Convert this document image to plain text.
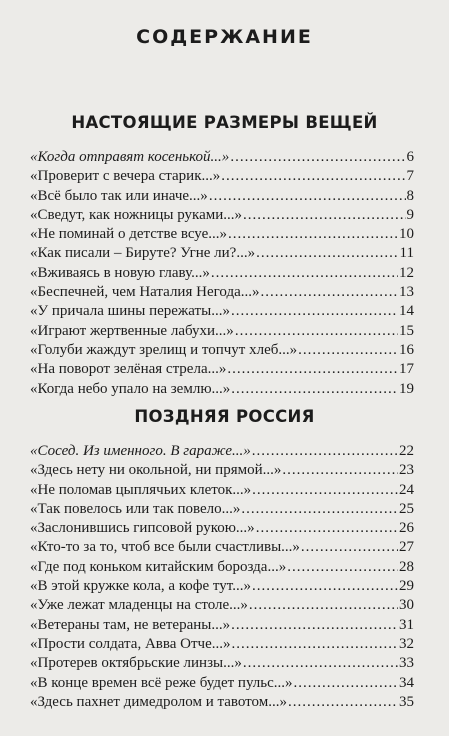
СОДЕРЖАНИЕ
НАСТОЯЩИЕ РАЗМЕРЫ ВЕЩЕЙ
«Когда отправят косенькой...» .....	6
«Проверит с вечера старик...» .....	7
«Всё было так или иначе...» .....	8
«Сведут, как ножницы руками...» .....	9
«Не поминай о детстве всуе...» .....	10
«Как писали – Бируте? Угне ли?...» .....	11
«Вживаясь в новую главу...» .....	12
«Беспечней, чем Наталия Негода...» .....	13
«У причала шины пережаты...» .....	14
«Играют жертвенные лабухи...» .....	15
«Голуби жаждут зрелищ и топчут хлеб...» .....	16
«На поворот зелёная стрела...» .....	17
«Когда небо упало на землю...» .....	19
ПОЗДНЯЯ РОССИЯ
«Сосед. Из именного. В гараже...» .....	22
«Здесь нету ни окольной, ни прямой...» .....	23
«Не поломав цыплячьих клеток...» .....	24
«Так повелось или так повело...» .....	25
«Заслонившись гипсовой рукою...» .....	26
«Кто-то за то, чтоб все были счастливы...» .....	27
«Где под коньком китайским борозда...» .....	28
«В этой кружке кола, а кофе тут...» .....	29
«Уже лежат младенцы на столе...» .....	30
«Ветераны там, не ветераны...» .....	31
«Прости солдата, Авва Отче...» .....	32
«Протерев октябрьские линзы...» .....	33
«В конце времен всё реже будет пульс...» .....	34
«Здесь пахнет димедролом и тавотом...» .....	35
